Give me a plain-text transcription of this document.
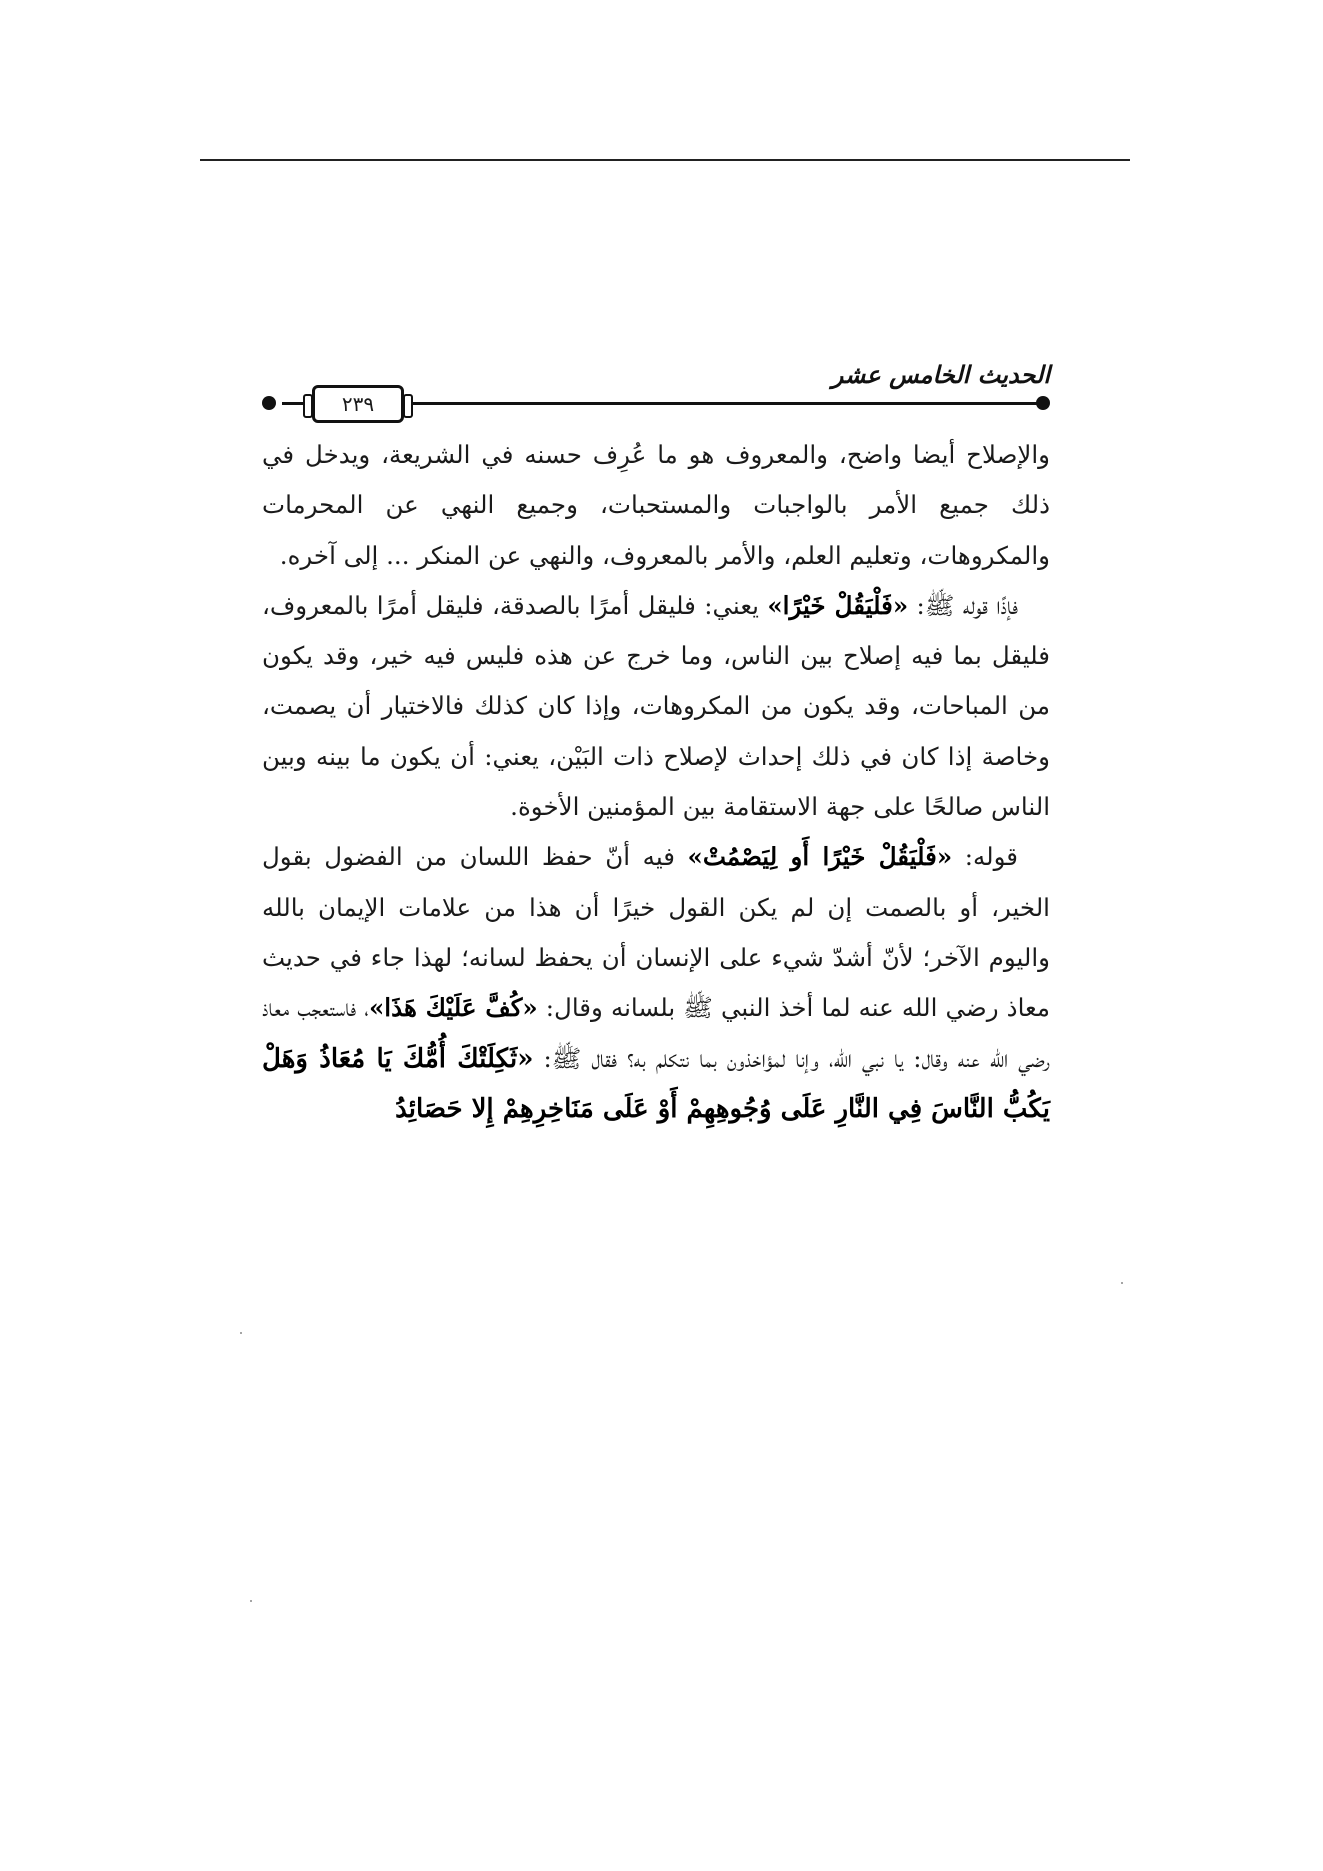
الحديث الخامس عشر
٢٣٩

والإصلاح أيضا واضح، والمعروف هو ما عُرِف حسنه في الشريعة، ويدخل في ذلك جميع الأمر بالواجبات والمستحبات، وجميع النهي عن المحرمات والمكروهات، وتعليم العلم، والأمر بالمعروف، والنهي عن المنكر ... إلى آخره.

فإذًا قوله ﷺ: «فَلْيَقُلْ خَيْرًا» يعني: فليقل أمرًا بالصدقة، فليقل أمرًا بالمعروف، فليقل بما فيه إصلاح بين الناس، وما خرج عن هذه فليس فيه خير، وقد يكون من المباحات، وقد يكون من المكروهات، وإذا كان كذلك فالاختيار أن يصمت، وخاصة إذا كان في ذلك إحداث لإصلاح ذات البَيْن، يعني: أن يكون ما بينه وبين الناس صالحًا على جهة الاستقامة بين المؤمنين الأخوة.

قوله: «فَلْيَقُلْ خَيْرًا أَو لِيَصْمُتْ» فيه أنّ حفظ اللسان من الفضول بقول الخير، أو بالصمت إن لم يكن القول خيرًا أن هذا من علامات الإيمان بالله واليوم الآخر؛ لأنّ أشدّ شيء على الإنسان أن يحفظ لسانه؛ لهذا جاء في حديث معاذ رضي الله عنه لما أخذ النبي ﷺ بلسانه وقال: «كُفَّ عَلَيْكَ هَذَا»، فاستعجب معاذ رضي الله عنه وقال: يا نبي الله، وإنا لمؤاخذون بما نتكلم به؟ فقال ﷺ: «ثَكِلَتْكَ أُمُّكَ يَا مُعَاذُ وَهَلْ يَكُبُّ النَّاسَ فِي النَّارِ عَلَى وُجُوهِهِمْ أَوْ عَلَى مَنَاخِرِهِمْ إِلا حَصَائِدُ
